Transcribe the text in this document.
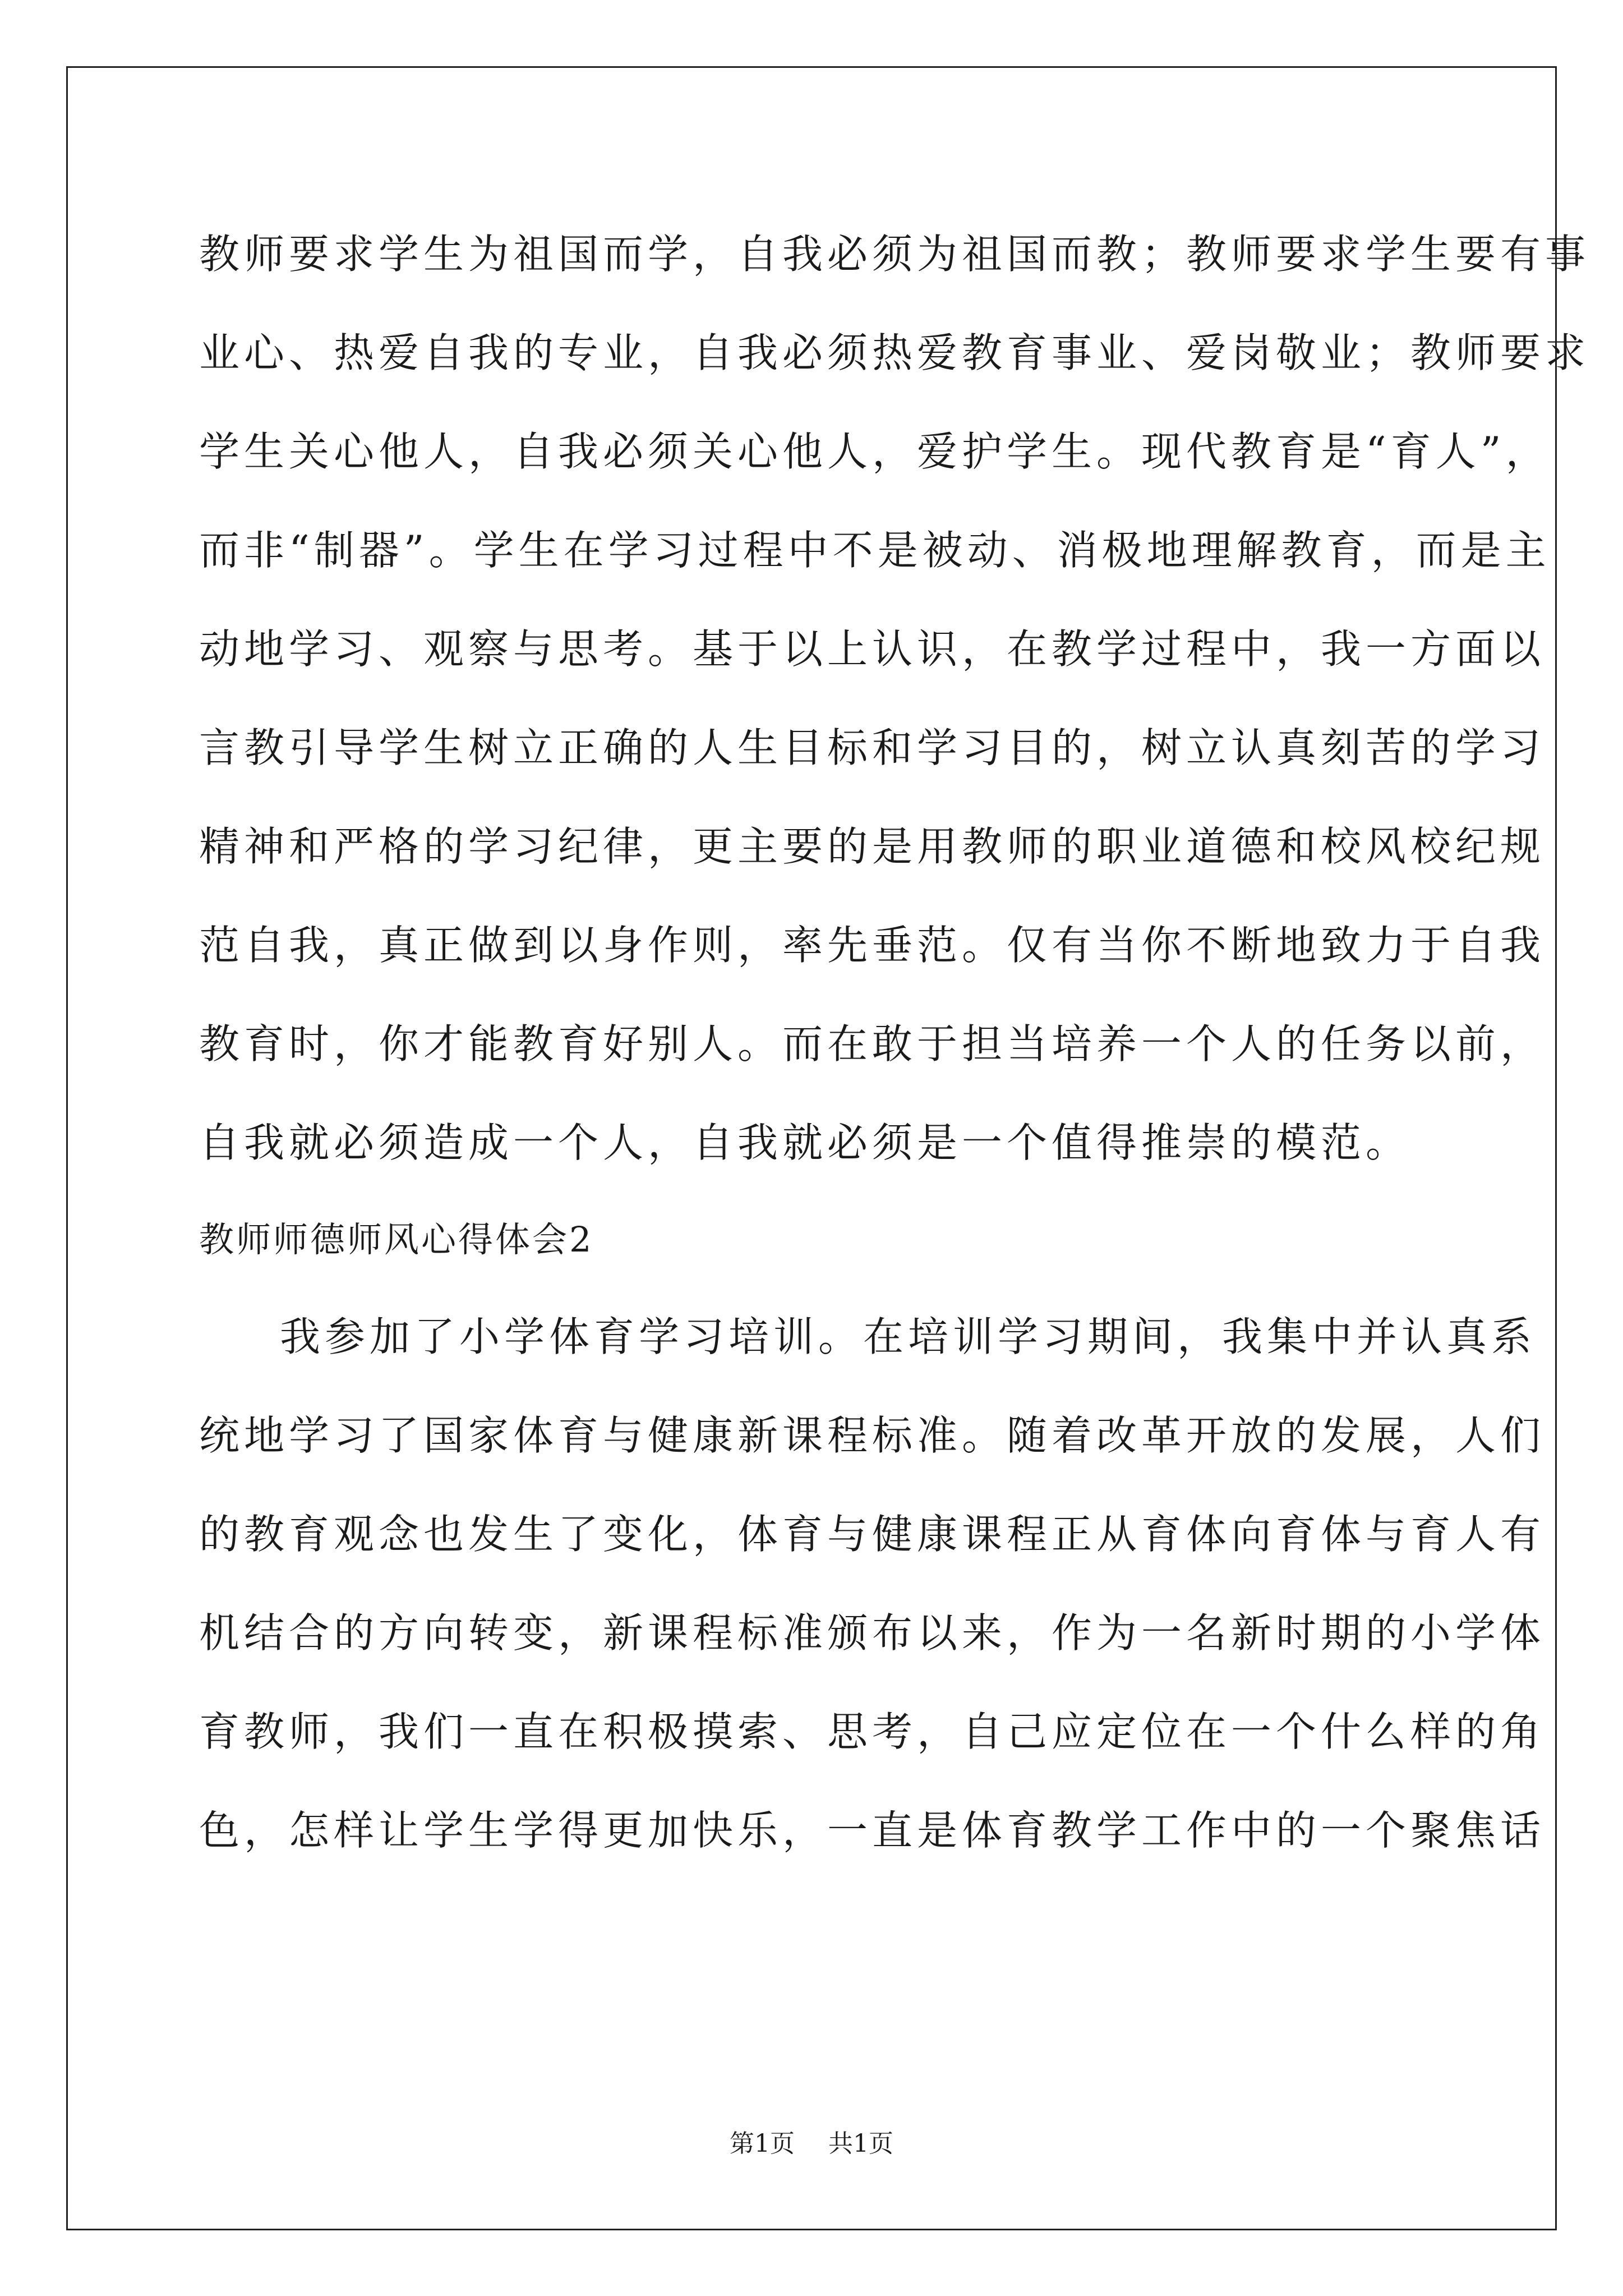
教师要求学生为祖国而学，自我必须为祖国而教；教师要求学生要有事
业心、热爱自我的专业，自我必须热爱教育事业、爱岗敬业；教师要求
学生关心他人，自我必须关心他人，爱护学生。现代教育是“育人”，
而非“制器”。学生在学习过程中不是被动、消极地理解教育，而是主
动地学习、观察与思考。基于以上认识，在教学过程中，我一方面以
言教引导学生树立正确的人生目标和学习目的，树立认真刻苦的学习
精神和严格的学习纪律，更主要的是用教师的职业道德和校风校纪规
范自我，真正做到以身作则，率先垂范。仅有当你不断地致力于自我
教育时，你才能教育好别人。而在敢于担当培养一个人的任务以前，
自我就必须造成一个人，自我就必须是一个值得推崇的模范。
教师师德师风心得体会2
我参加了小学体育学习培训。在培训学习期间，我集中并认真系
统地学习了国家体育与健康新课程标准。随着改革开放的发展，人们
的教育观念也发生了变化，体育与健康课程正从育体向育体与育人有
机结合的方向转变，新课程标准颁布以来，作为一名新时期的小学体
育教师，我们一直在积极摸索、思考，自己应定位在一个什么样的角
色，怎样让学生学得更加快乐，一直是体育教学工作中的一个聚焦话
第1页 共1页
